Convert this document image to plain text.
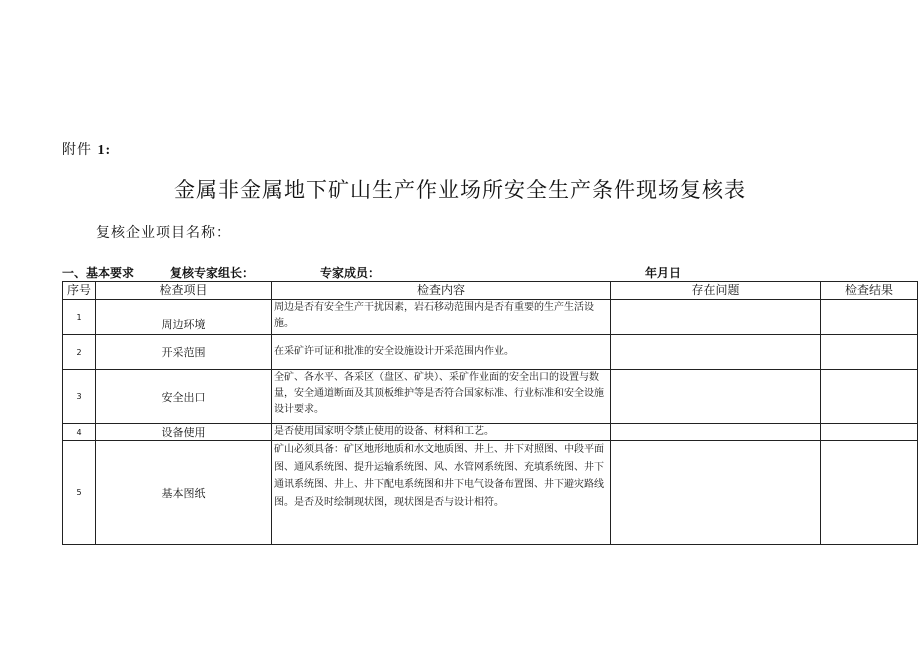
附件 1:
金属非金属地下矿山生产作业场所安全生产条件现场复核表
复核企业项目名称：
一、基本要求	复核专家组长：	专家成员：	年月日
序号	检查项目	检查内容	存在问题	检查结果
1	周边环境	周边是否有安全生产干扰因素，岩石移动范围内是否有重要的生产生活设施。		
2	开采范围	在采矿许可证和批准的安全设施设计开采范围内作业。		
3	安全出口	全矿、各水平、各采区（盘区、矿块）、采矿作业面的安全出口的设置与数量，安全通道断面及其顶板维护等是否符合国家标准、行业标准和安全设施设计要求。		
4	设备使用	是否使用国家明令禁止使用的设备、材料和工艺。		
5	基本图纸	矿山必须具备：矿区地形地质和水文地质图、井上、井下对照图、中段平面图、通风系统图、提升运输系统图、风、水管网系统图、充填系统图、井下通讯系统图、井上、井下配电系统图和井下电气设备布置图、井下避灾路线图。是否及时绘制现状图，现状图是否与设计相符。		
